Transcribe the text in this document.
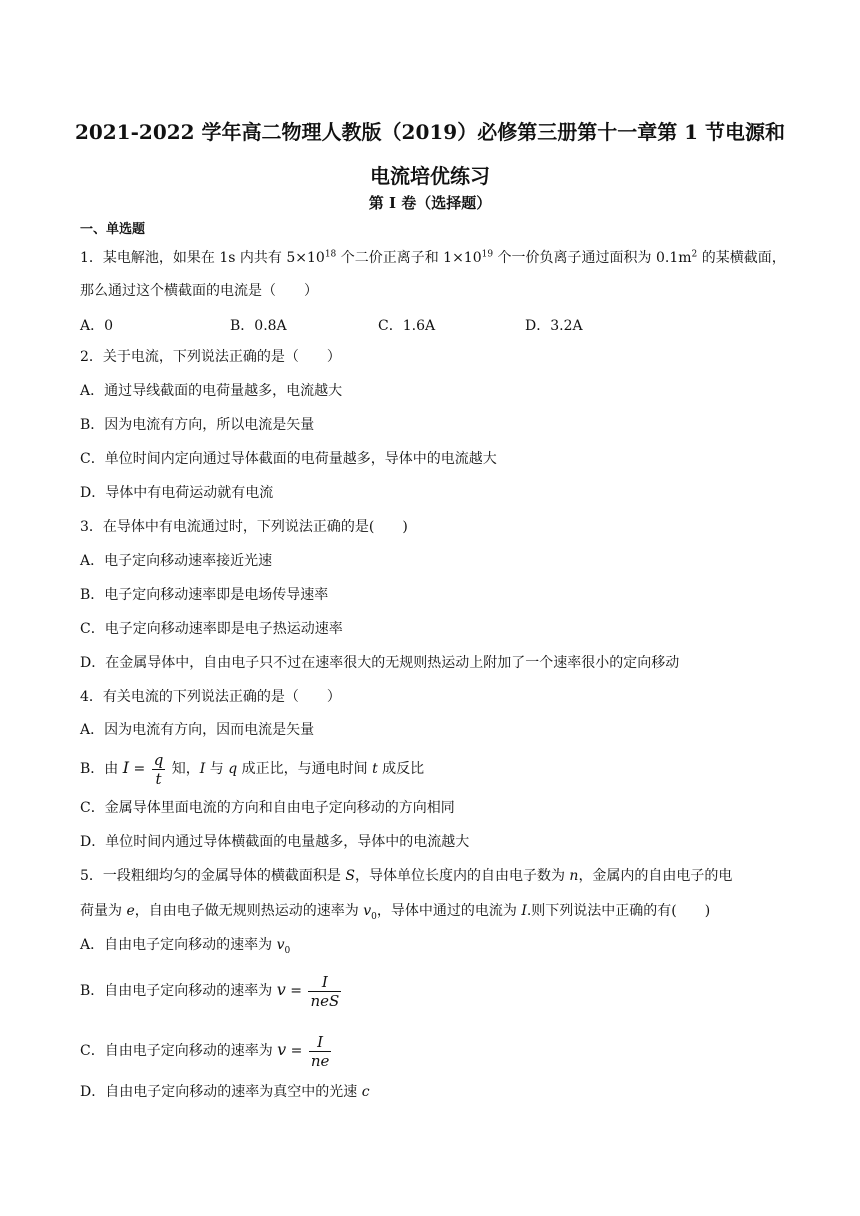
2021-2022 学年高二物理人教版（2019）必修第三册第十一章第 1 节电源和
电流培优练习
第 I 卷（选择题）
一、单选题
1．某电解池，如果在 1s 内共有 $5\times 10^{18}$ 个二价正离子和 $1\times 10^{19}$ 个一价负离子通过面积为 $0.1m^2$ 的某横截面，
那么通过这个横截面的电流是（　　）
A．0	B．0.8A	C．1.6A	D．3.2A
2．关于电流，下列说法正确的是（　　）
A．通过导线截面的电荷量越多，电流越大
B．因为电流有方向，所以电流是矢量
C．单位时间内定向通过导体截面的电荷量越多，导体中的电流越大
D．导体中有电荷运动就有电流
3．在导体中有电流通过时，下列说法正确的是(　　)
A．电子定向移动速率接近光速
B．电子定向移动速率即是电场传导速率
C．电子定向移动速率即是电子热运动速率
D．在金属导体中，自由电子只不过在速率很大的无规则热运动上附加了一个速率很小的定向移动
4．有关电流的下列说法正确的是（　　）
A．因为电流有方向，因而电流是矢量
B．由 $I = \frac{q}{t}$ 知，I 与 q 成正比，与通电时间 t 成反比
C．金属导体里面电流的方向和自由电子定向移动的方向相同
D．单位时间内通过导体横截面的电量越多，导体中的电流越大
5．一段粗细均匀的金属导体的横截面积是 S，导体单位长度内的自由电子数为 n，金属内的自由电子的电
荷量为 e，自由电子做无规则热运动的速率为 $v_0$，导体中通过的电流为 I.则下列说法中正确的有(　　)
A．自由电子定向移动的速率为 $v_0$
B．自由电子定向移动的速率为 $v = \frac{I}{\text{neS}}$
C．自由电子定向移动的速率为 $v = \frac{I}{ne}$
D．自由电子定向移动的速率为真空中的光速 c
